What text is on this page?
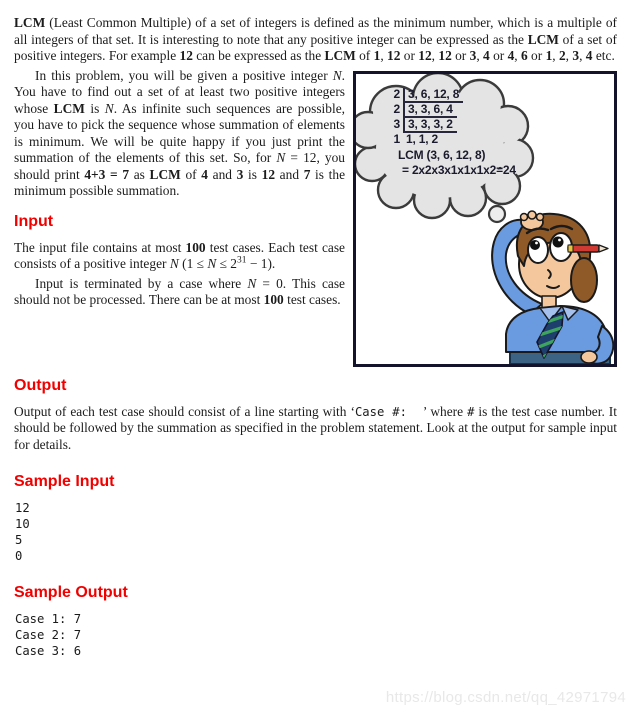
LCM (Least Common Multiple) of a set of integers is defined as the minimum number, which is a multiple of all integers of that set. It is interesting to note that any positive integer can be expressed as the LCM of a set of positive integers. For example 12 can be expressed as the LCM of 1, 12 or 12, 12 or 3, 4 or 4, 6 or 1, 2, 3, 4 etc.

2 3, 6, 12, 8
2 3, 3, 6, 4
3 3, 3, 3, 2
1 1, 1, 2
LCM (3, 6, 12, 8)
= 2x2x3x1x1x1x2=24

In this problem, you will be given a positive integer N. You have to find out a set of at least two positive integers whose LCM is N. As infinite such sequences are possible, you have to pick the sequence whose summation of elements is minimum. We will be quite happy if you just print the summation of the elements of this set. So, for N = 12, you should print 4+3 = 7 as LCM of 4 and 3 is 12 and 7 is the minimum possible summation.

Input

The input file contains at most 100 test cases. Each test case consists of a positive integer N $(1 \le N \le 2^{31} - 1)$.

Input is terminated by a case where N = 0. This case should not be processed. There can be at most 100 test cases.

Output

Output of each test case should consist of a line starting with ‘Case #:  ’ where # is the test case number. It should be followed by the summation as specified in the problem statement. Look at the output for sample input for details.

Sample Input
12
10
5
0
Sample Output
Case 1: 7
Case 2: 7
Case 3: 6
https://blog.csdn.net/qq_42971794
